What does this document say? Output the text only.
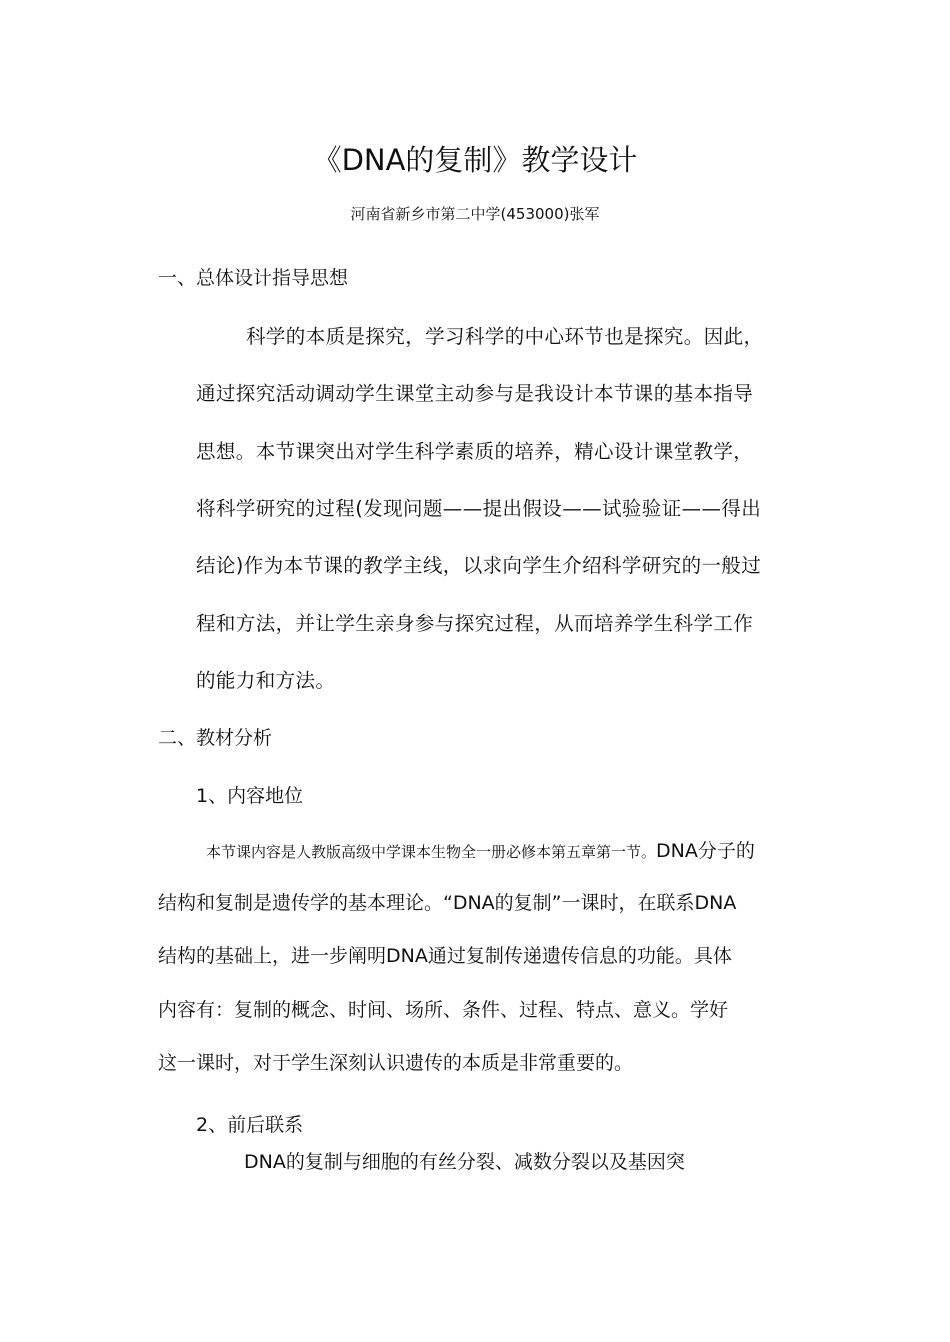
《DNA的复制》教学设计
河南省新乡市第二中学(453000)张军
一、总体设计指导思想
科学的本质是探究，学习科学的中心环节也是探究。因此，
通过探究活动调动学生课堂主动参与是我设计本节课的基本指导
思想。本节课突出对学生科学素质的培养，精心设计课堂教学，
将科学研究的过程(发现问题——提出假设——试验验证——得出
结论)作为本节课的教学主线，以求向学生介绍科学研究的一般过
程和方法，并让学生亲身参与探究过程，从而培养学生科学工作
的能力和方法。
二、教材分析
1、内容地位
本节课内容是人教版高级中学课本生物全一册必修本第五章第一节。DNA分子的
结构和复制是遗传学的基本理论。“DNA的复制”一课时，在联系DNA
结构的基础上，进一步阐明DNA通过复制传递遗传信息的功能。具体
内容有：复制的概念、时间、场所、条件、过程、特点、意义。学好
这一课时，对于学生深刻认识遗传的本质是非常重要的。
2、前后联系
DNA的复制与细胞的有丝分裂、减数分裂以及基因突
